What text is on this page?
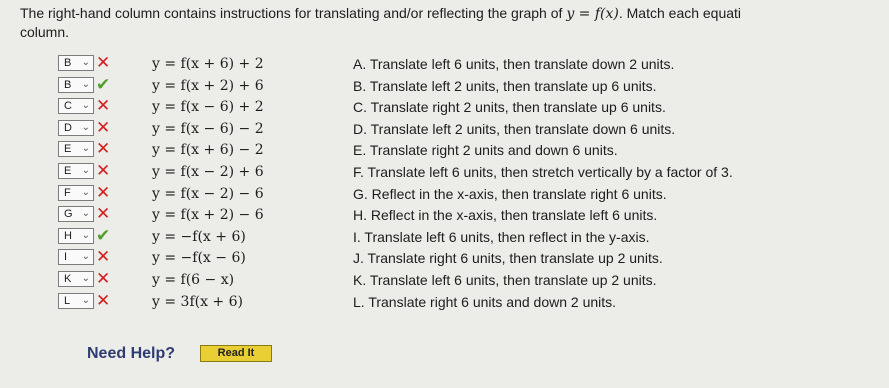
The right-hand column contains instructions for translating and/or reflecting the graph of y = f(x). Match each equati
column.
B ⌄ ✕	y = f(x + 6) + 2	A. Translate left 6 units, then translate down 2 units.
B ⌄ ✔	y = f(x + 2) + 6	B. Translate left 2 units, then translate up 6 units.
C ⌄ ✕	y = f(x − 6) + 2	C. Translate right 2 units, then translate up 6 units.
D ⌄ ✕	y = f(x − 6) − 2	D. Translate left 2 units, then translate down 6 units.
E ⌄ ✕	y = f(x + 6) − 2	E. Translate right 2 units and down 6 units.
E ⌄ ✕	y = f(x − 2) + 6	F. Translate left 6 units, then stretch vertically by a factor of 3.
F ⌄ ✕	y = f(x − 2) − 6	G. Reflect in the x-axis, then translate right 6 units.
G ⌄ ✕	y = f(x + 2) − 6	H. Reflect in the x-axis, then translate left 6 units.
H ⌄ ✔	y = −f(x + 6)	I. Translate left 6 units, then reflect in the y-axis.
I ⌄ ✕	y = −f(x − 6)	J. Translate right 6 units, then translate up 2 units.
K ⌄ ✕	y = f(6 − x)	K. Translate left 6 units, then translate up 2 units.
L ⌄ ✕	y = 3f(x + 6)	L. Translate right 6 units and down 2 units.
Need Help?	Read It
